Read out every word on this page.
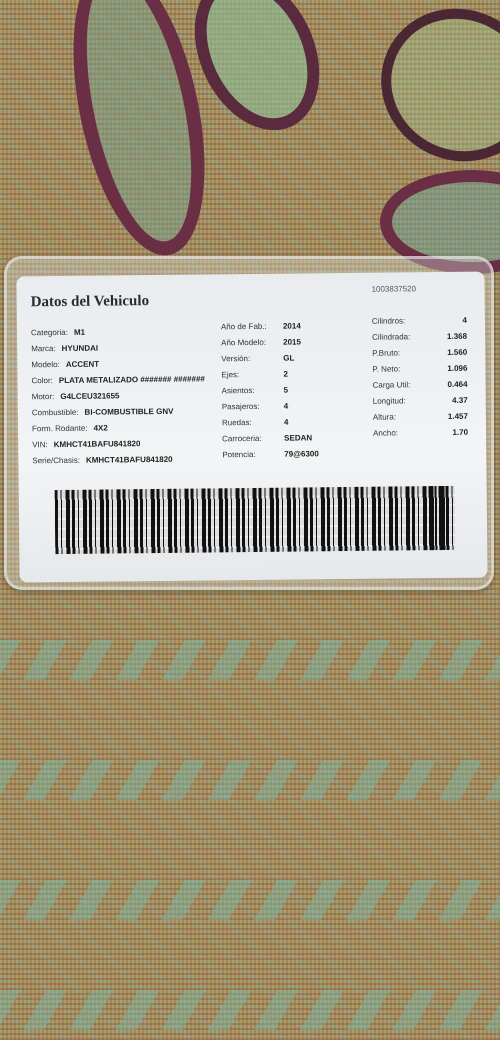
Datos del Vehiculo
1003837520
Categoria: M1
Marca: HYUNDAI
Modelo: ACCENT
Color: PLATA METALIZADO ####### #######
Motor: G4LCEU321655
Combustible: BI-COMBUSTIBLE GNV
Form. Rodante: 4X2
VIN: KMHCT41BAFU841820
Serie/Chasis: KMHCT41BAFU841820
Año de Fab.: 2014
Año Modelo: 2015
Versión:	GL
Ejes:	2
Asientos:	5
Pasajeros:	4
Ruedas:	4
Carroceria:	SEDAN
Potencia:	79@6300
Cilindros:	4
Cilindrada:	1.368
P.Bruto:	1.560
P. Neto:	1.096
Carga Util:	0.464
Longitud:	4.37
Altura:	1.457
Ancho:	1.70
